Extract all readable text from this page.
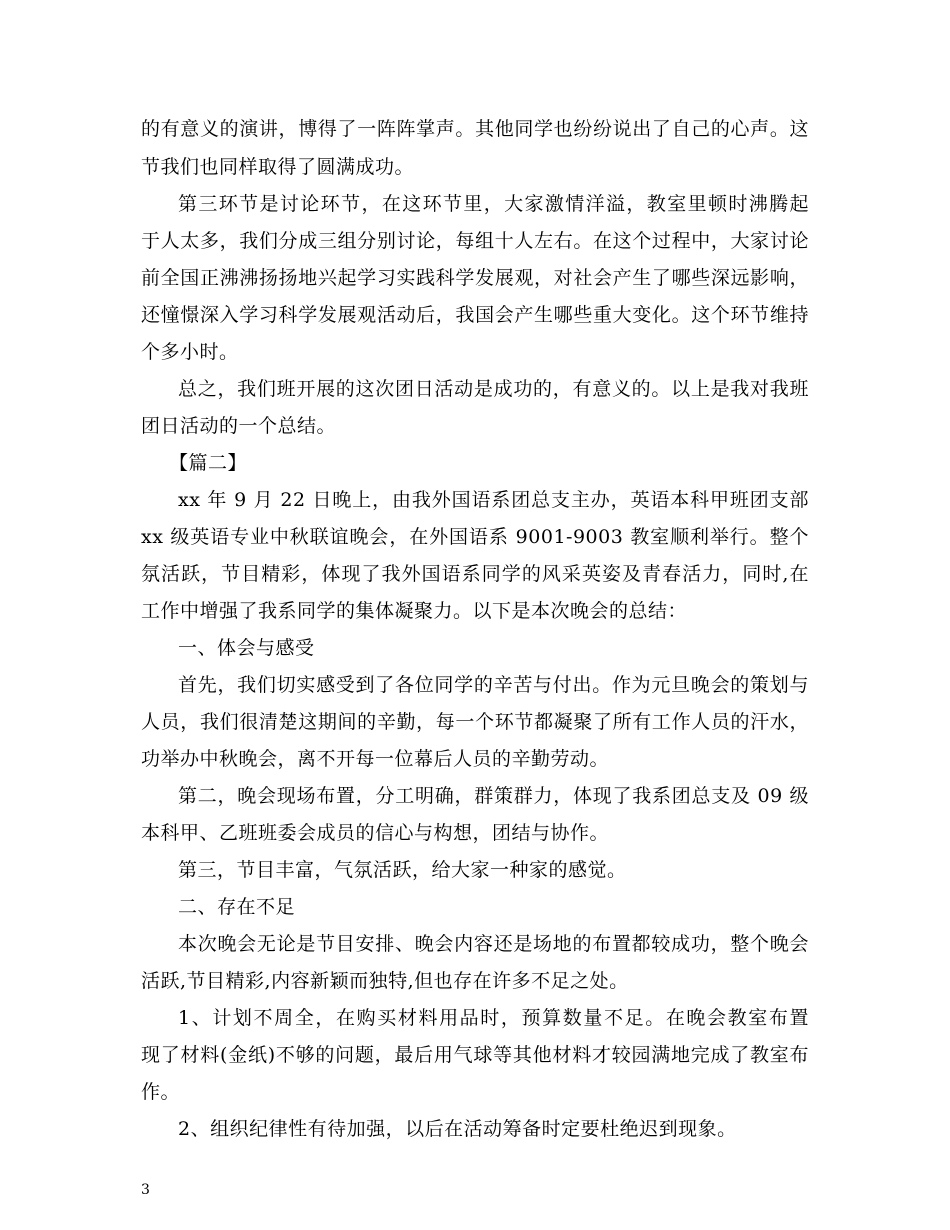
的有意义的演讲，博得了一阵阵掌声。其他同学也纷纷说出了自己的心声。这
节我们也同样取得了圆满成功。
第三环节是讨论环节，在这环节里，大家激情洋溢，教室里顿时沸腾起
于人太多，我们分成三组分别讨论，每组十人左右。在这个过程中，大家讨论
前全国正沸沸扬扬地兴起学习实践科学发展观，对社会产生了哪些深远影响，
还憧憬深入学习科学发展观活动后，我国会产生哪些重大变化。这个环节维持
个多小时。
总之，我们班开展的这次团日活动是成功的，有意义的。以上是我对我班
团日活动的一个总结。
【篇二】
xx 年 9 月 22 日晚上，由我外国语系团总支主办，英语本科甲班团支部
xx 级英语专业中秋联谊晚会，在外国语系 9001-9003 教室顺利举行。整个
氛活跃，节目精彩，体现了我外国语系同学的风采英姿及青春活力，同时,在
工作中增强了我系同学的集体凝聚力。以下是本次晚会的总结：
一、体会与感受
首先，我们切实感受到了各位同学的辛苦与付出。作为元旦晚会的策划与
人员，我们很清楚这期间的辛勤，每一个环节都凝聚了所有工作人员的汗水，
功举办中秋晚会，离不开每一位幕后人员的辛勤劳动。
第二，晚会现场布置，分工明确，群策群力，体现了我系团总支及 09 级
本科甲、乙班班委会成员的信心与构想，团结与协作。
第三，节目丰富，气氛活跃，给大家一种家的感觉。
二、存在不足
本次晚会无论是节目安排、晚会内容还是场地的布置都较成功，整个晚会
活跃,节目精彩,内容新颖而独特,但也存在许多不足之处。
1、计划不周全，在购买材料用品时，预算数量不足。在晚会教室布置
现了材料(金纸)不够的问题，最后用气球等其他材料才较园满地完成了教室布
作。
2、组织纪律性有待加强，以后在活动筹备时定要杜绝迟到现象。
3
